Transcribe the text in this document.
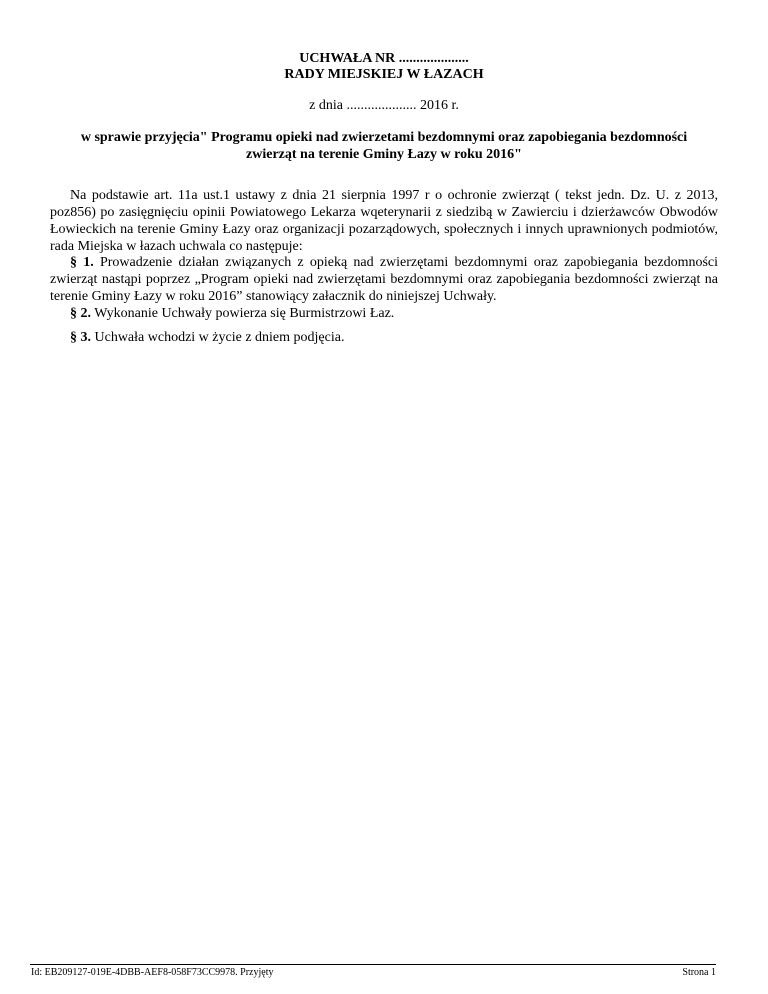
UCHWAŁA NR ....................
RADY MIEJSKIEJ W ŁAZACH
z dnia .................... 2016 r.
w sprawie przyjęcia" Programu opieki nad zwierzetami bezdomnymi oraz zapobiegania bezdomności zwierząt na terenie Gminy Łazy w roku 2016"
Na podstawie art. 11a ust.1 ustawy z dnia 21 sierpnia 1997 r o ochronie zwierząt ( tekst jedn. Dz. U. z 2013, poz856) po zasięgnięciu opinii Powiatowego Lekarza wqeterynarii z siedzibą w Zawierciu i dzierżawców Obwodów Łowieckich na terenie Gminy Łazy oraz organizacji pozarządowych, społecznych i innych uprawnionych podmiotów, rada Miejska w łazach uchwala co następuje:
§ 1. Prowadzenie działan związanych z opieką nad zwierzętami bezdomnymi oraz zapobiegania bezdomności zwierząt nastąpi poprzez „Program opieki nad zwierzętami bezdomnymi oraz zapobiegania bezdomności zwierząt na terenie Gminy Łazy w roku 2016” stanowiący załacznik do niniejszej Uchwały.
§ 2. Wykonanie Uchwały powierza się Burmistrzowi Łaz.
§ 3. Uchwała wchodzi w życie z dniem podjęcia.
Id: EB209127-019E-4DBB-AEF8-058F73CC9978. Przyjęty	Strona 1
